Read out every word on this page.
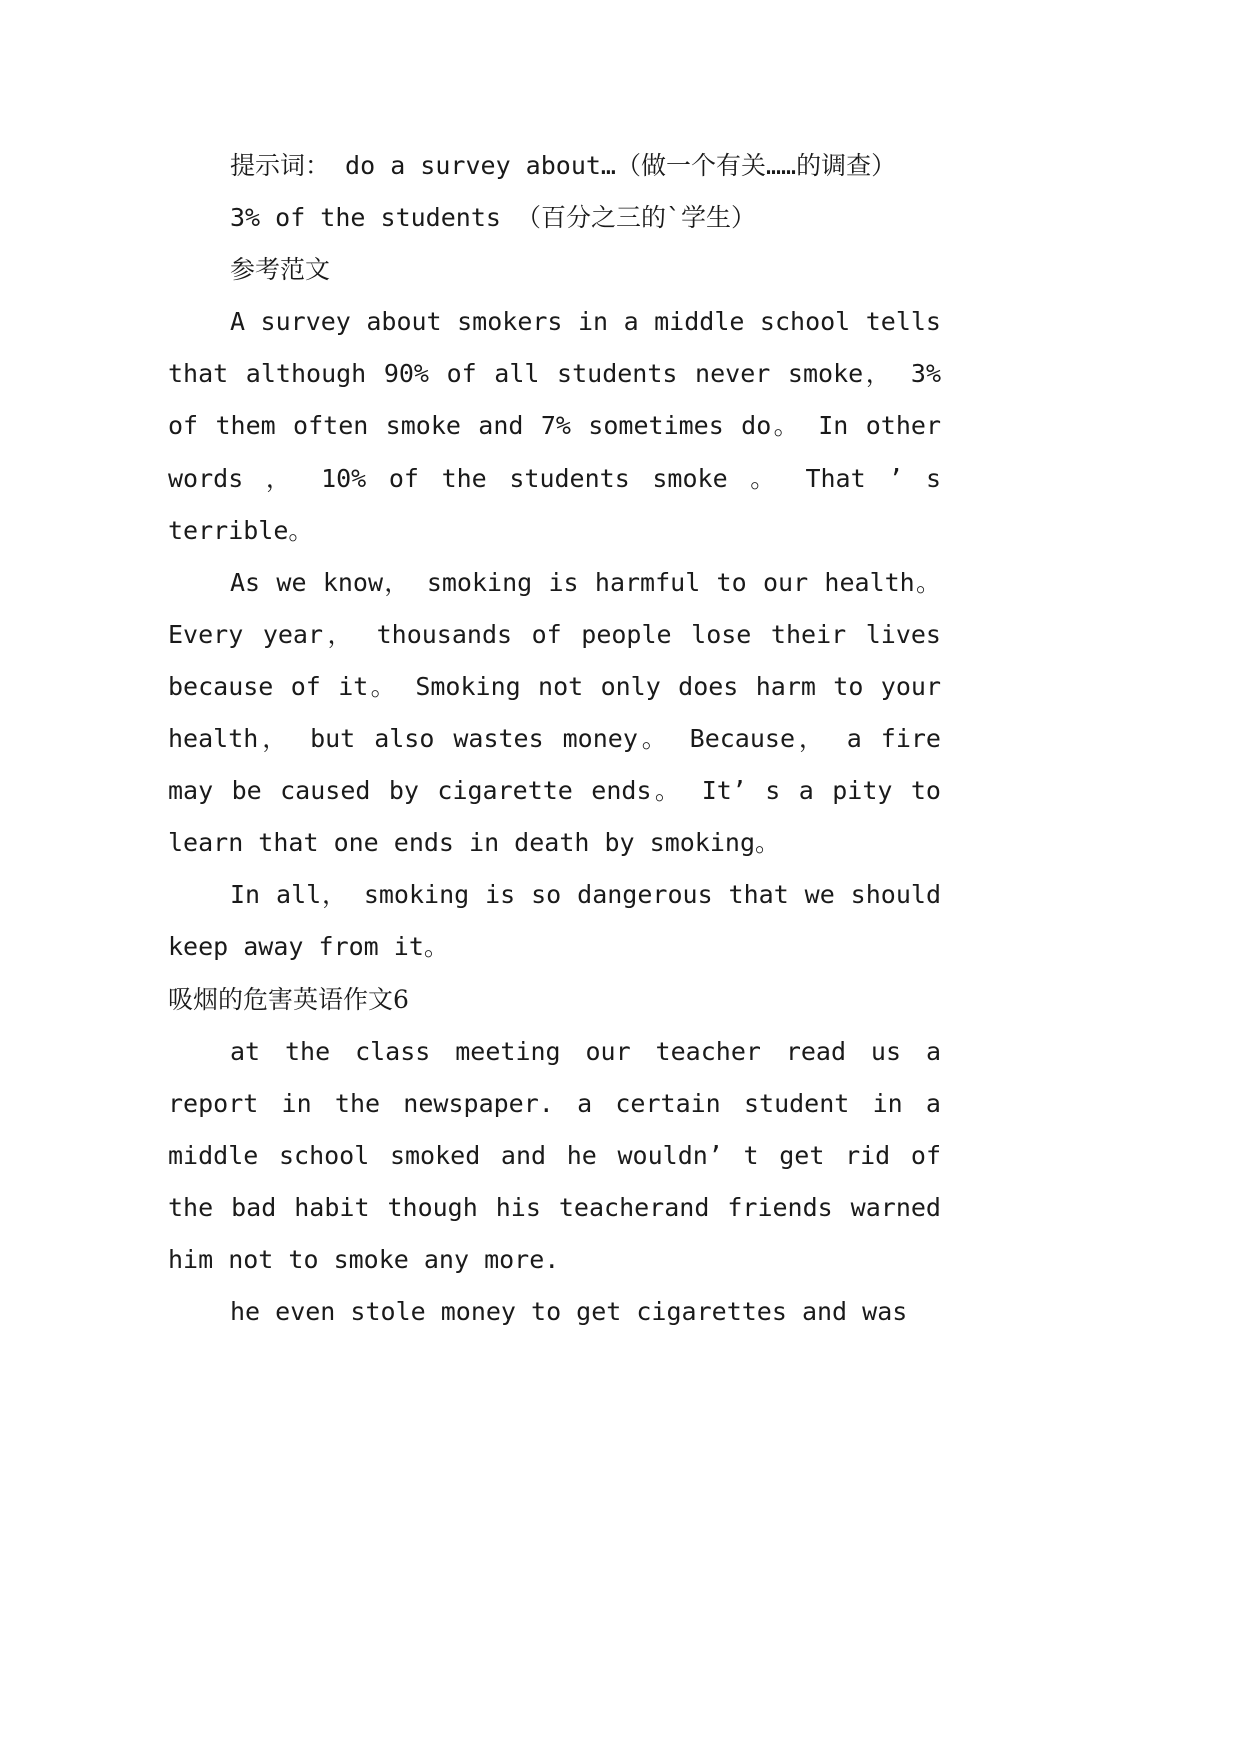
提示词： do a survey about…（做一个有关……的调查）

3% of the students （百分之三的`学生）

参考范文

A survey about smokers in a middle school tells that although 90% of all students never smoke， 3% of them often smoke and 7% sometimes do。 In other words ， 10% of the students smoke 。 That ’ s terrible。

As we know， smoking is harmful to our health。 Every year， thousands of people lose their lives because of it。 Smoking not only does harm to your health， but also wastes money。 Because， a fire may be caused by cigarette ends。 It’ s a pity to learn that one ends in death by smoking。

In all， smoking is so dangerous that we should keep away from it。

吸烟的危害英语作文6

at the class meeting our teacher read us a report in the newspaper. a certain student in a middle school smoked and he wouldn’ t get rid of the bad habit though his teacherand friends warned him not to smoke any more.

he even stole money to get cigarettes and was
